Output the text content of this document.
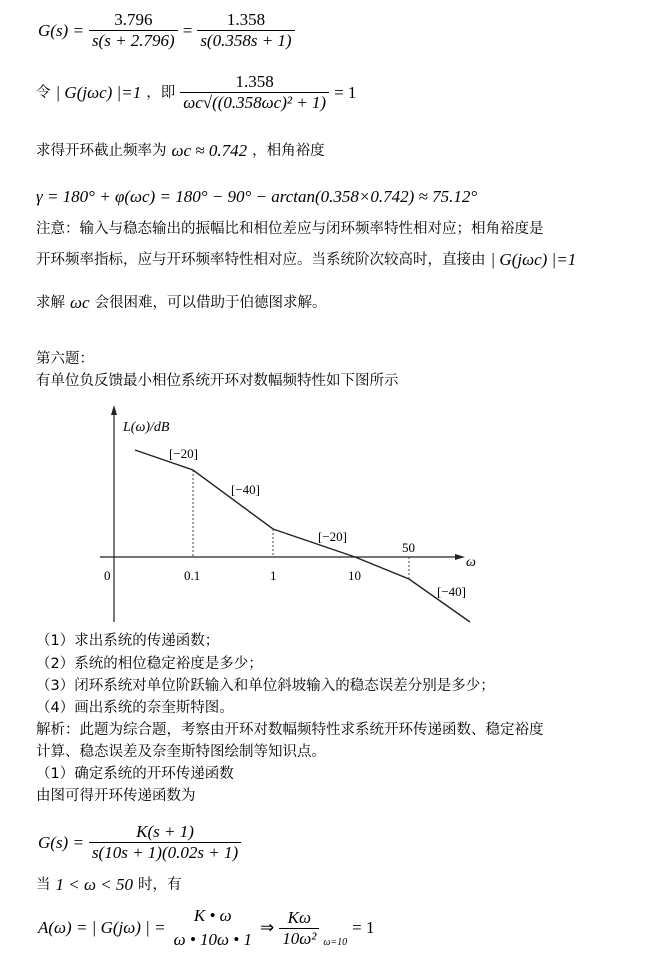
$G(s) = \frac{3.796}{s(s + 2.796)} = \frac{1.358}{s(0.358s + 1)}$
令 | G(jωc) |=1 ，即 $\frac{1.358}{\text{ωc√((0.358ωc)² + 1)}} = 1$
求得开环截止频率为 ωc ≈ 0.742 ，相角裕度
γ = 180° + φ(ωc) = 180° − 90° − arctan(0.358×0.742) ≈ 75.12°
注意：输入与稳态输出的振幅比和相位差应与闭环频率特性相对应；相角裕度是
开环频率指标，应与开环频率特性相对应。当系统阶次较高时，直接由 | G(jωc) |=1
求解 ωc 会很困难，可以借助于伯德图求解。
第六题：
有单位负反馈最小相位系统开环对数幅频特性如下图所示
L(ω)/dB
ω
0	0.1	1	10
50
[−20]
[−40]
[−20]
[−40]
（1）求出系统的传递函数；
（2）系统的相位稳定裕度是多少；
（3）闭环系统对单位阶跃输入和单位斜坡输入的稳态误差分别是多少；
（4）画出系统的奈奎斯特图。
解析：此题为综合题，考察由开环对数幅频特性求系统开环传递函数、稳定裕度
计算、稳态误差及奈奎斯特图绘制等知识点。
（1）确定系统的开环传递函数
由图可得开环传递函数为
$G(s) = \frac{K(s + 1)}{s(10s + 1)(0.02s + 1)}$
当 1 < ω < 50 时，有
A(ω) = | G(jω) | =
K • ω
ω • 10ω • 1
⇒ $\frac{K\omega}{\text{10ω²}} \omega=10$
= 1
